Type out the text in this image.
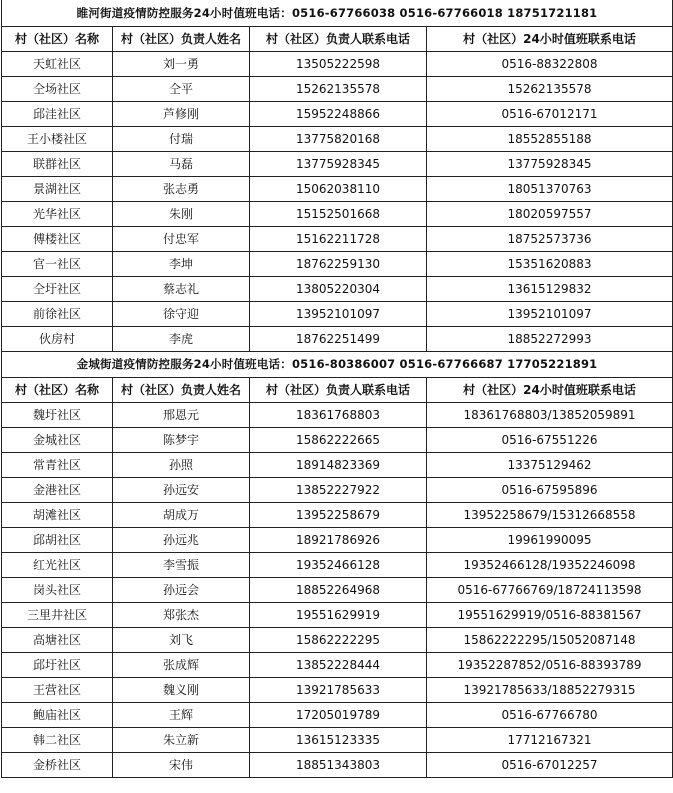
睢河街道疫情防控服务24小时值班电话：0516-67766038 0516-67766018 18751721181			
村（社区）名称	村（社区）负责人姓名	村（社区）负责人联系电话	村（社区）24小时值班联系电话
天虹社区	刘一勇	13505222598	0516-88322808
仝场社区	仝平	15262135578	15262135578
邱洼社区	芦修刚	15952248866	0516-67012171
王小楼社区	付瑞	13775820168	18552855188
联群社区	马磊	13775928345	13775928345
景湖社区	张志勇	15062038110	18051370763
光华社区	朱刚	15152501668	18020597557
傅楼社区	付忠军	15162211728	18752573736
官一社区	李坤	18762259130	15351620883
仝圩社区	蔡志礼	13805220304	13615129832
前徐社区	徐守迎	13952101097	13952101097
伙房村	李虎	18762251499	18852272993
金城街道疫情防控服务24小时值班电话：0516-80386007 0516-67766687 17705221891			
村（社区）名称	村（社区）负责人姓名	村（社区）负责人联系电话	村（社区）24小时值班联系电话
魏圩社区	邢恩元	18361768803	18361768803/13852059891
金城社区	陈梦宇	15862222665	0516-67551226
常青社区	孙照	18914823369	13375129462
金港社区	孙远安	13852227922	0516-67595896
胡滩社区	胡成万	13952258679	13952258679/15312668558
邱胡社区	孙远兆	18921786926	19961990095
红光社区	李雪振	19352466128	19352466128/19352246098
岗头社区	孙远会	18852264968	0516-67766769/18724113598
三里井社区	郑张杰	19551629919	19551629919/0516-88381567
高塘社区	刘飞	15862222295	15862222295/15052087148
邱圩社区	张成辉	13852228444	19352287852/0516-88393789
王营社区	魏义刚	13921785633	13921785633/18852279315
鲍庙社区	王辉	17205019789	0516-67766780
韩二社区	朱立新	13615123335	17712167321
金桥社区	宋伟	18851343803	0516-67012257
